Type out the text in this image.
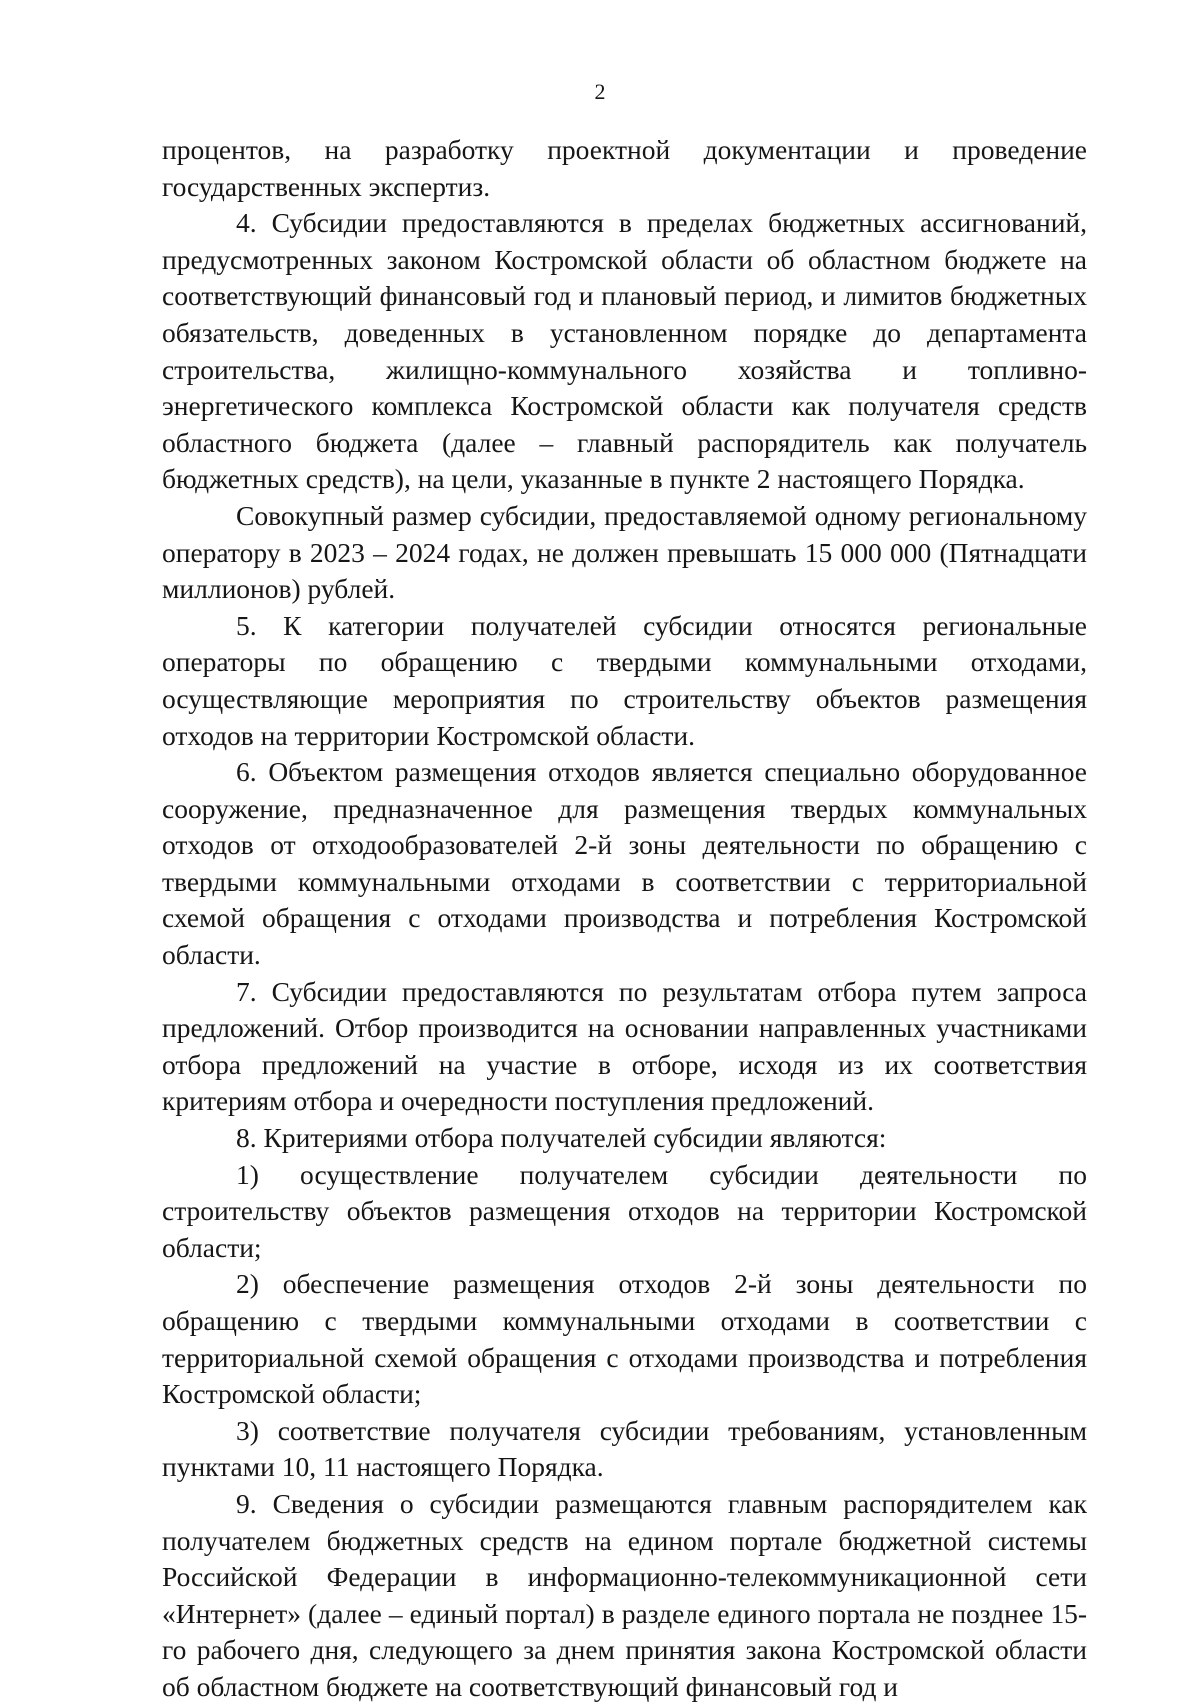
2

процентов, на разработку проектной документации и проведение государственных экспертиз.

4. Субсидии предоставляются в пределах бюджетных ассигнований, предусмотренных законом Костромской области об областном бюджете на соответствующий финансовый год и плановый период, и лимитов бюджетных обязательств, доведенных в установленном порядке до департамента строительства, жилищно-коммунального хозяйства и топливно-энергетического комплекса Костромской области как получателя средств областного бюджета (далее – главный распорядитель как получатель бюджетных средств), на цели, указанные в пункте 2 настоящего Порядка.

Совокупный размер субсидии, предоставляемой одному региональному оператору в 2023 – 2024 годах, не должен превышать 15 000 000 (Пятнадцати миллионов) рублей.

5. К категории получателей субсидии относятся региональные операторы по обращению с твердыми коммунальными отходами, осуществляющие мероприятия по строительству объектов размещения отходов на территории Костромской области.

6. Объектом размещения отходов является специально оборудованное сооружение, предназначенное для размещения твердых коммунальных отходов от отходообразователей 2-й зоны деятельности по обращению с твердыми коммунальными отходами в соответствии с территориальной схемой обращения с отходами производства и потребления Костромской области.

7. Субсидии предоставляются по результатам отбора путем запроса предложений. Отбор производится на основании направленных участниками отбора предложений на участие в отборе, исходя из их соответствия критериям отбора и очередности поступления предложений.

8. Критериями отбора получателей субсидии являются:

1) осуществление получателем субсидии деятельности по строительству объектов размещения отходов на территории Костромской области;

2) обеспечение размещения отходов 2-й зоны деятельности по обращению с твердыми коммунальными отходами в соответствии с территориальной схемой обращения с отходами производства и потребления Костромской области;

3) соответствие получателя субсидии требованиям, установленным пунктами 10, 11 настоящего Порядка.

9. Сведения о субсидии размещаются главным распорядителем как получателем бюджетных средств на едином портале бюджетной системы Российской Федерации в информационно-телекоммуникационной сети «Интернет» (далее – единый портал) в разделе единого портала не позднее 15-го рабочего дня, следующего за днем принятия закона Костромской области об областном бюджете на соответствующий финансовый год и
